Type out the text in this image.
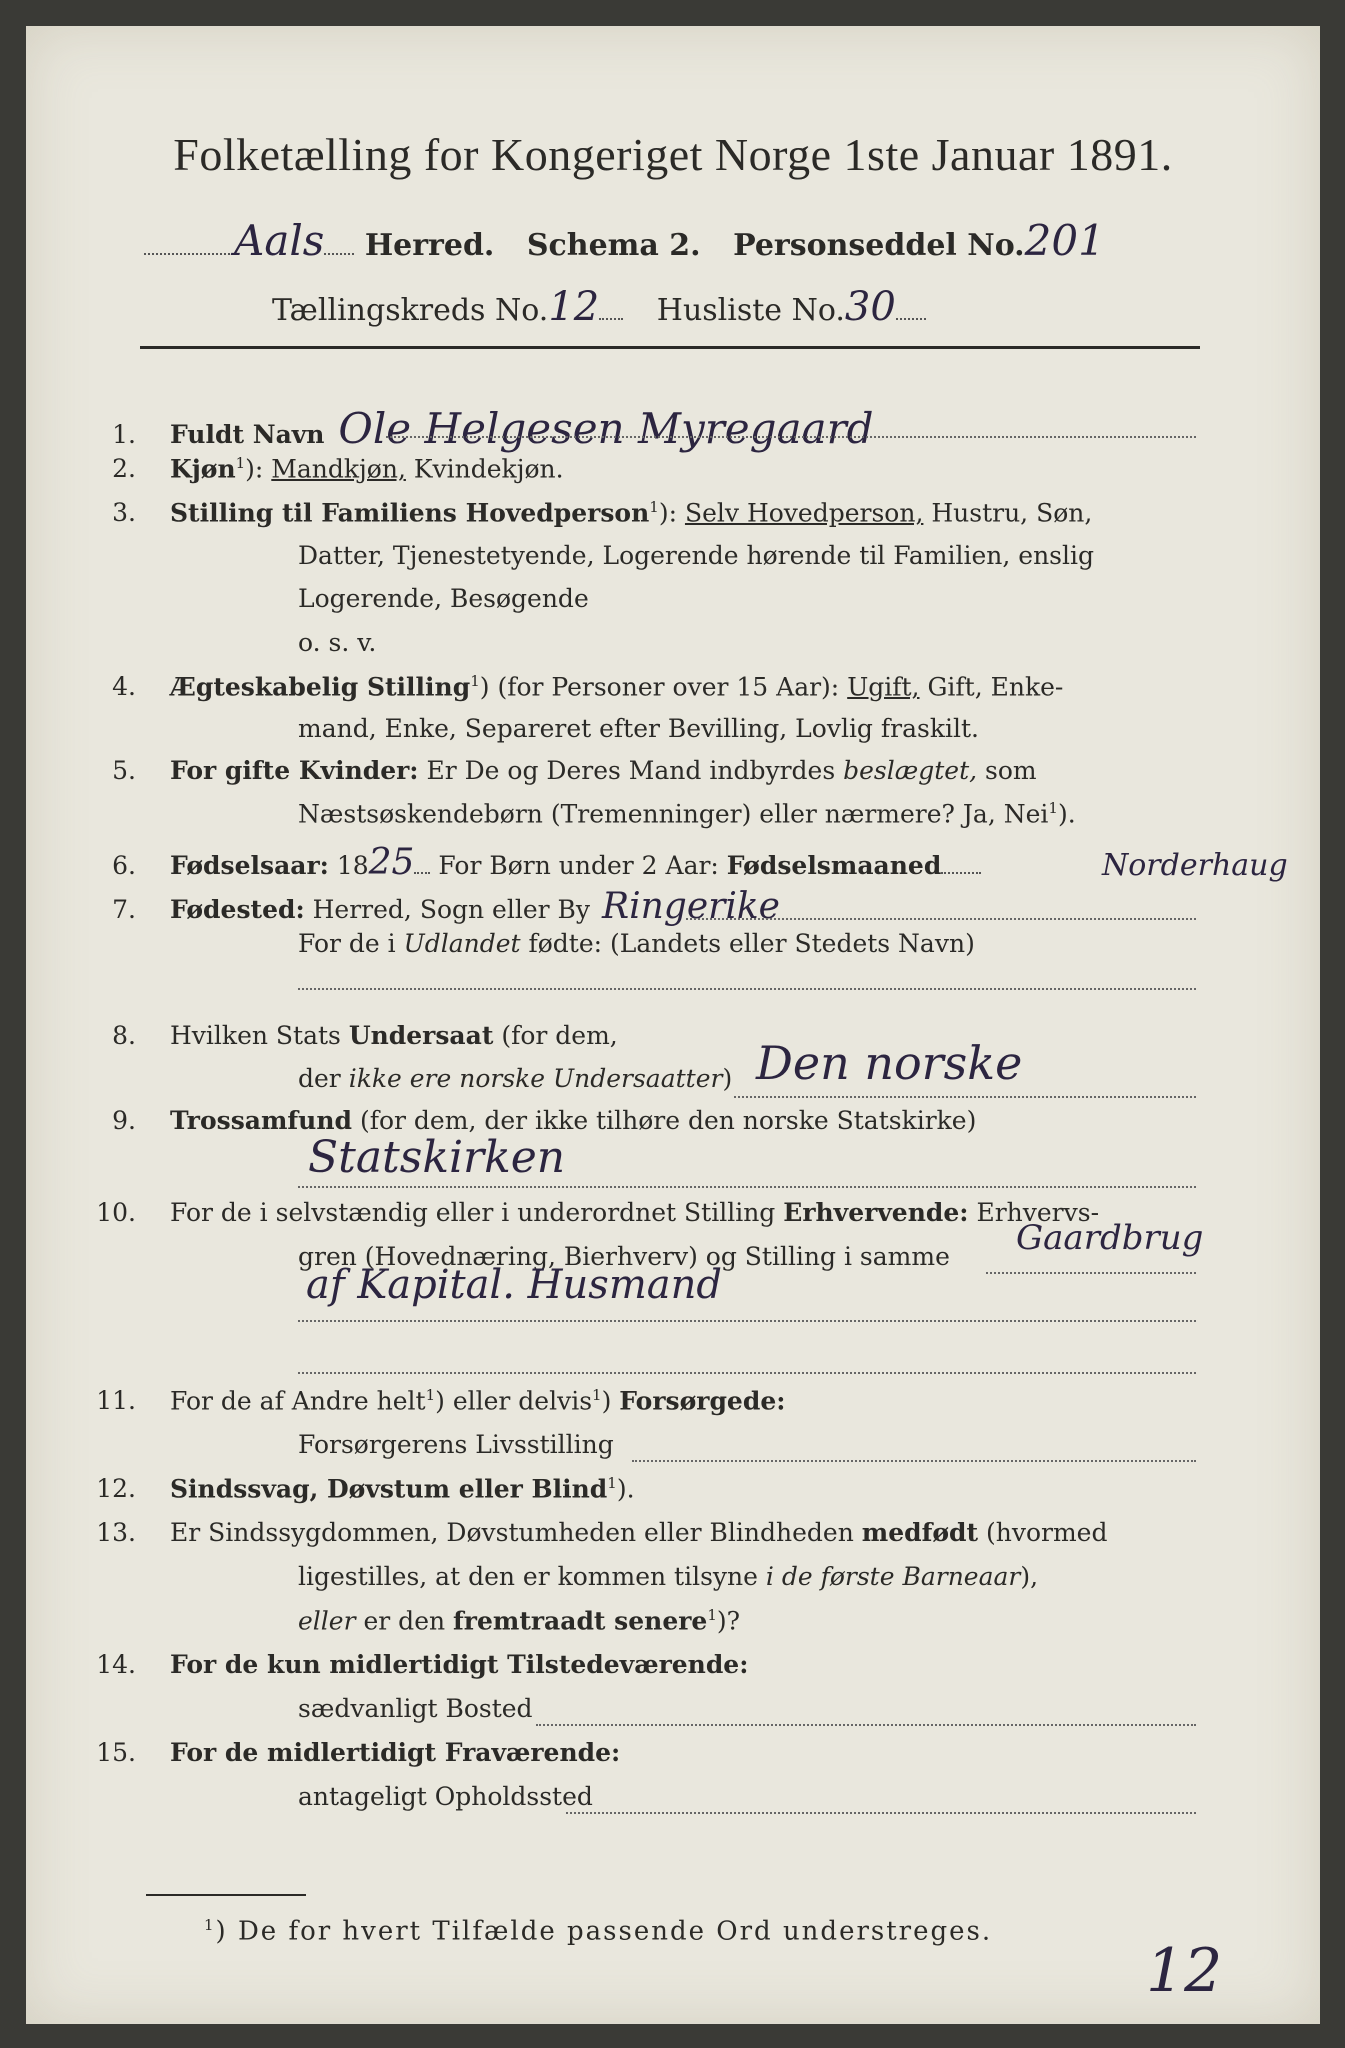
Folketælling for Kongeriget Norge 1ste Januar 1891.
Aals Herred. Schema 2. Personseddel No.201
Tællingskreds No.12 Husliste No.30
1. Fuldt Navn Ole Helgesen Myregaard
2. Kjøn$^1$): Mandkjøn, Kvindekjøn.
3. Stilling til Familiens Hovedperson$^1$): Selv Hovedperson, Hustru, Søn,
Datter, Tjenestetyende, Logerende hørende til Familien, enslig
Logerende, Besøgende
o. s. v.
4. Ægteskabelig Stilling$^1$) (for Personer over 15 Aar): Ugift, Gift, Enke-
mand, Enke, Separeret efter Bevilling, Lovlig fraskilt.
5. For gifte Kvinder: Er De og Deres Mand indbyrdes beslægtet, som
Næstsøskendebørn (Tremenninger) eller nærmere? Ja, Nei$^1$).
6. Fødselsaar: 1825 For Børn under 2 Aar: Fødselsmaaned
7. Fødested: Herred, Sogn eller By Ringerike
Norderhaug
For de i Udlandet fødte: (Landets eller Stedets Navn)
8. Hvilken Stats Undersaat (for dem,
der ikke ere norske Undersaatter) Den norske
9. Trossamfund (for dem, der ikke tilhøre den norske Statskirke)
Statskirken
10. For de i selvstændig eller i underordnet Stilling Erhvervende: Erhvervs-
gren (Hovednæring, Bierhverv) og Stilling i samme Gaardbrug
af Kapital. Husmand
11. For de af Andre helt$^1$) eller delvis$^1$) Forsørgede:
Forsørgerens Livsstilling
12. Sindssvag, Døvstum eller Blind$^1$).
13. Er Sindssygdommen, Døvstumheden eller Blindheden medfødt (hvormed
ligestilles, at den er kommen tilsyne i de første Barneaar),
eller er den fremtraadt senere$^1$)?
14. For de kun midlertidigt Tilstedeværende:
sædvanligt Bosted
15. For de midlertidigt Fraværende:
antageligt Opholdssted
$^1$) De for hvert Tilfælde passende Ord understreges.
12
